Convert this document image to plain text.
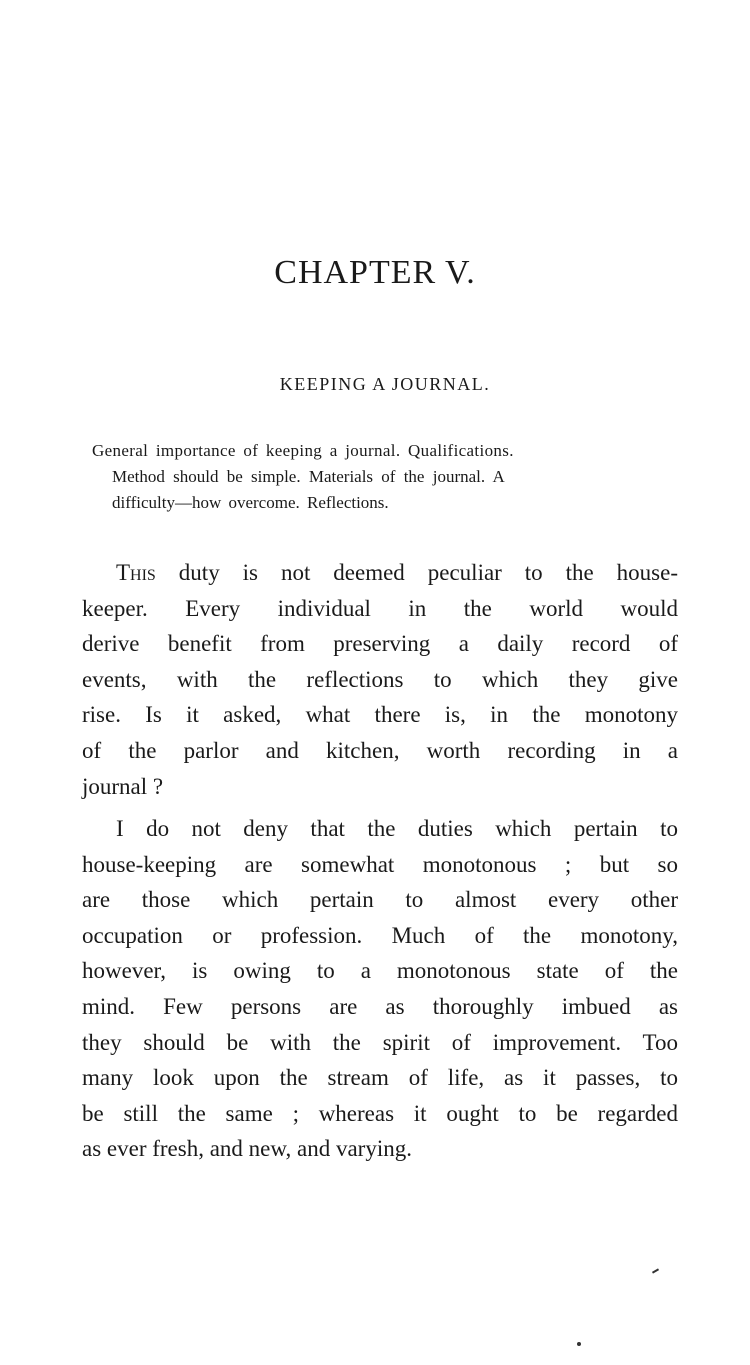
CHAPTER V.
KEEPING A JOURNAL.
General importance of keeping a journal. Qualifications.
Method should be simple. Materials of the journal. A
difficulty—how overcome. Reflections.
This duty is not deemed peculiar to the house-
keeper. Every individual in the world would
derive benefit from preserving a daily record of
events, with the reflections to which they give
rise. Is it asked, what there is, in the monotony
of the parlor and kitchen, worth recording in a
journal ?
I do not deny that the duties which pertain to
house-keeping are somewhat monotonous ; but so
are those which pertain to almost every other
occupation or profession. Much of the monotony,
however, is owing to a monotonous state of the
mind. Few persons are as thoroughly imbued as
they should be with the spirit of improvement. Too
many look upon the stream of life, as it passes, to
be still the same ; whereas it ought to be regarded
as ever fresh, and new, and varying.
